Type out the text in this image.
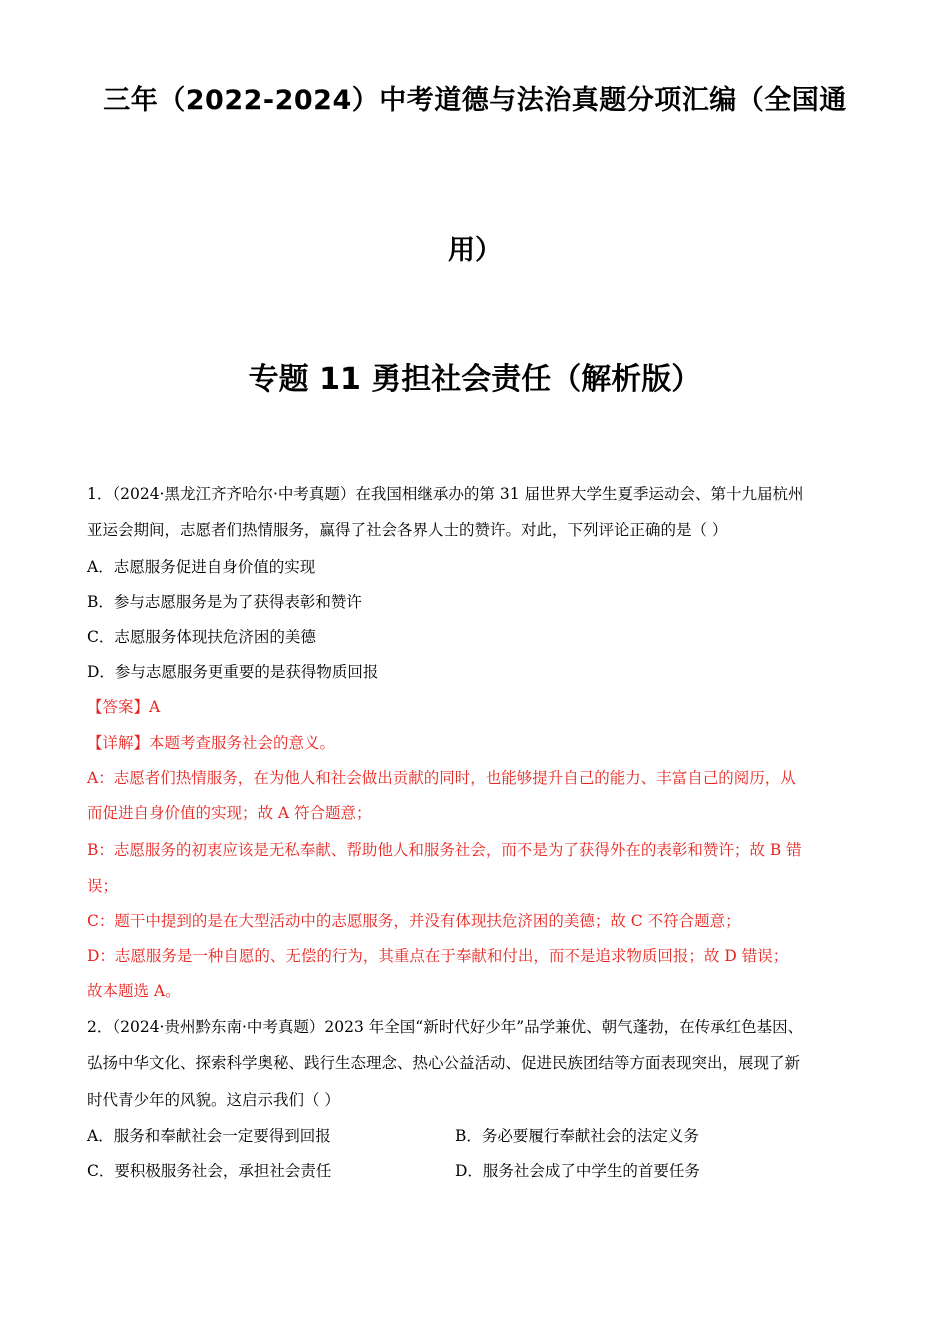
三年（2022-2024）中考道德与法治真题分项汇编（全国通
用）
专题 11 勇担社会责任（解析版）
1．（2024·黑龙江齐齐哈尔·中考真题）在我国相继承办的第 31 届世界大学生夏季运动会、第十九届杭州
亚运会期间，志愿者们热情服务，赢得了社会各界人士的赞许。对此，下列评论正确的是（ ）
A．志愿服务促进自身价值的实现
B．参与志愿服务是为了获得表彰和赞许
C．志愿服务体现扶危济困的美德
D．参与志愿服务更重要的是获得物质回报
【答案】A
【详解】本题考查服务社会的意义。
A：志愿者们热情服务，在为他人和社会做出贡献的同时，也能够提升自己的能力、丰富自己的阅历，从
而促进自身价值的实现；故 A 符合题意；
B：志愿服务的初衷应该是无私奉献、帮助他人和服务社会，而不是为了获得外在的表彰和赞许；故 B 错
误；
C：题干中提到的是在大型活动中的志愿服务，并没有体现扶危济困的美德；故 C 不符合题意；
D：志愿服务是一种自愿的、无偿的行为，其重点在于奉献和付出，而不是追求物质回报；故 D 错误；
故本题选 A。
2．（2024·贵州黔东南·中考真题）2023 年全国“新时代好少年”品学兼优、朝气蓬勃，在传承红色基因、
弘扬中华文化、探索科学奥秘、践行生态理念、热心公益活动、促进民族团结等方面表现突出，展现了新
时代青少年的风貌。这启示我们（ ）
A．服务和奉献社会一定要得到回报	B．务必要履行奉献社会的法定义务
C．要积极服务社会，承担社会责任	D．服务社会成了中学生的首要任务
